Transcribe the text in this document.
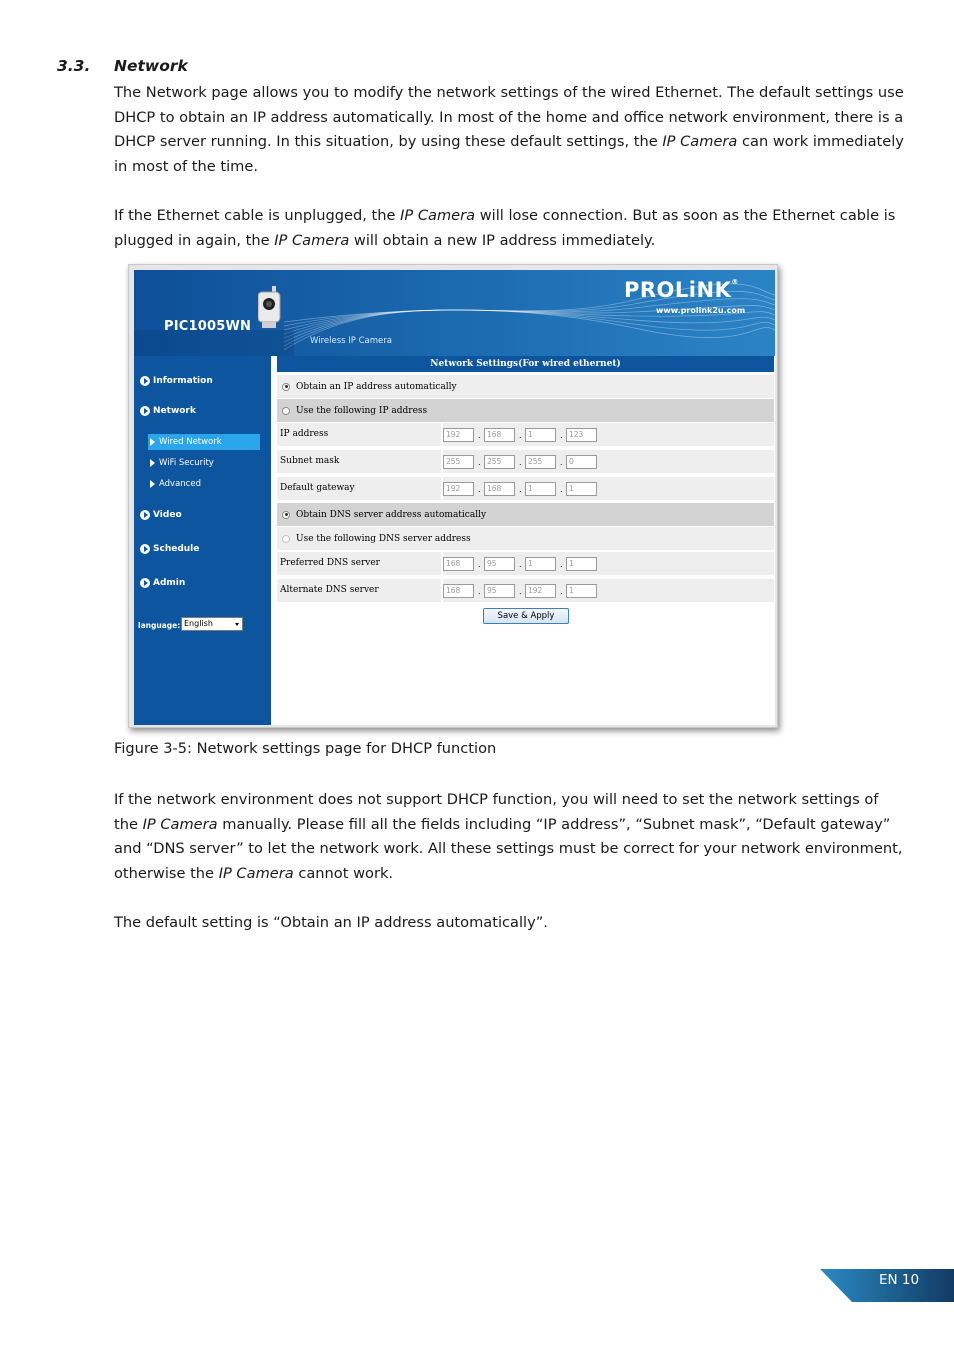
3.3. Network
The Network page allows you to modify the network settings of the wired Ethernet. The default settings use DHCP to obtain an IP address automatically. In most of the home and office network environment, there is a DHCP server running. In this situation, by using these default settings, the IP Camera can work immediately in most of the time.
If the Ethernet cable is unplugged, the IP Camera will lose connection. But as soon as the Ethernet cable is plugged in again, the IP Camera will obtain a new IP address immediately.
PIC1005WN
Wireless IP Camera
PROLiNK®
www.prolink2u.com
Information
Network
Wired Network
WiFi Security
Advanced
Video
Schedule
Admin
language: English
Network Settings(For wired ethernet)
Obtain an IP address automatically
Use the following IP address
IP address	192	. 168	. 1	. 123
Subnet mask	255	. 255	. 255	. 0
Default gateway	192	. 168	. 1	. 1
Obtain DNS server address automatically
Use the following DNS server address
Preferred DNS server	168	. 95	. 1	. 1
Alternate DNS server	168	. 95	. 192	. 1
Save & Apply
Figure 3-5: Network settings page for DHCP function
If the network environment does not support DHCP function, you will need to set the network settings of the IP Camera manually. Please fill all the fields including “IP address”, “Subnet mask”, “Default gateway” and “DNS server” to let the network work. All these settings must be correct for your network environment, otherwise the IP Camera cannot work.
The default setting is “Obtain an IP address automatically”.
EN 10
